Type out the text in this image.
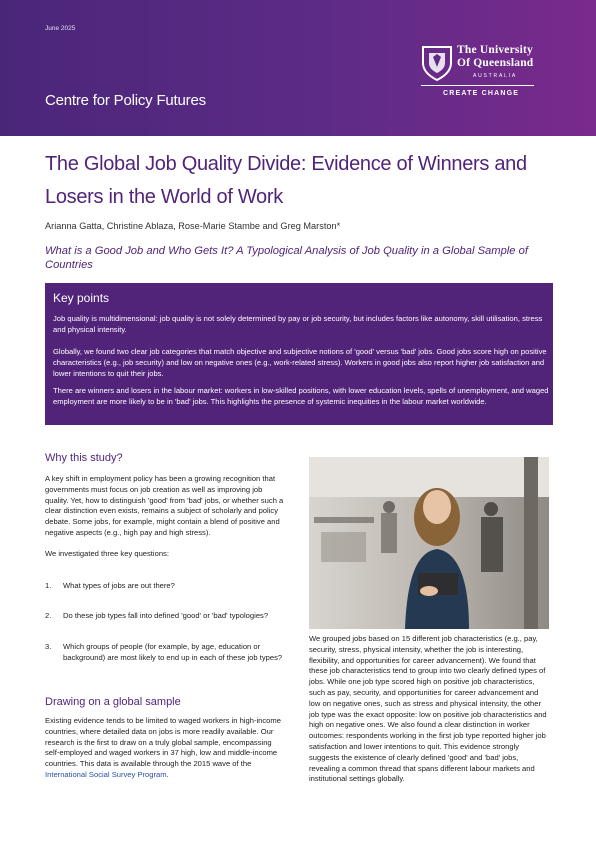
June 2025
Centre for Policy Futures
The University
Of Queensland
AUSTRALIA
CREATE CHANGE
The Global Job Quality Divide: Evidence of Winners and Losers in the World of Work
Arianna Gatta, Christine Ablaza, Rose-Marie Stambe and Greg Marston*
What is a Good Job and Who Gets It? A Typological Analysis of Job Quality in a Global Sample of Countries
Key points
Job quality is multidimensional: job quality is not solely determined by pay or job security, but includes factors like autonomy, skill utilisation, stress and physical intensity.
Globally, we found two clear job categories that match objective and subjective notions of 'good' versus 'bad' jobs. Good jobs score high on positive characteristics (e.g., job security) and low on negative ones (e.g., work-related stress). Workers in good jobs also report higher job satisfaction and lower intentions to quit their jobs.
There are winners and losers in the labour market: workers in low-skilled positions, with lower education levels, spells of unemployment, and waged employment are more likely to be in 'bad' jobs. This highlights the presence of systemic inequities in the labour market worldwide.
Why this study?
A key shift in employment policy has been a growing recognition that governments must focus on job creation as well as improving job quality. Yet, how to distinguish 'good' from 'bad' jobs, or whether such a clear distinction even exists, remains a subject of scholarly and policy debate. Some jobs, for example, might contain a blend of positive and negative aspects (e.g., high pay and high stress).
We investigated three key questions:
1. What types of jobs are out there?
2. Do these job types fall into defined 'good' or 'bad' typologies?
3. Which groups of people (for example, by age, education or background) are most likely to end up in each of these job types?
Drawing on a global sample
Existing evidence tends to be limited to waged workers in high-income countries, where detailed data on jobs is more readily available. Our research is the first to draw on a truly global sample, encompassing self-employed and waged workers in 37 high, low and middle-income countries. This data is available through the 2015 wave of the International Social Survey Program.
We grouped jobs based on 15 different job characteristics (e.g., pay, security, stress, physical intensity, whether the job is interesting, flexibility, and opportunities for career advancement). We found that these job characteristics tend to group into two clearly defined types of jobs. While one job type scored high on positive job characteristics, such as pay, security, and opportunities for career advancement and low on negative ones, such as stress and physical intensity, the other job type was the exact opposite: low on positive job characteristics and high on negative ones. We also found a clear distinction in worker outcomes: respondents working in the first job type reported higher job satisfaction and lower intentions to quit. This evidence strongly suggests the existence of clearly defined 'good' and 'bad' jobs, revealing a common thread that spans different labour markets and institutional settings globally.
